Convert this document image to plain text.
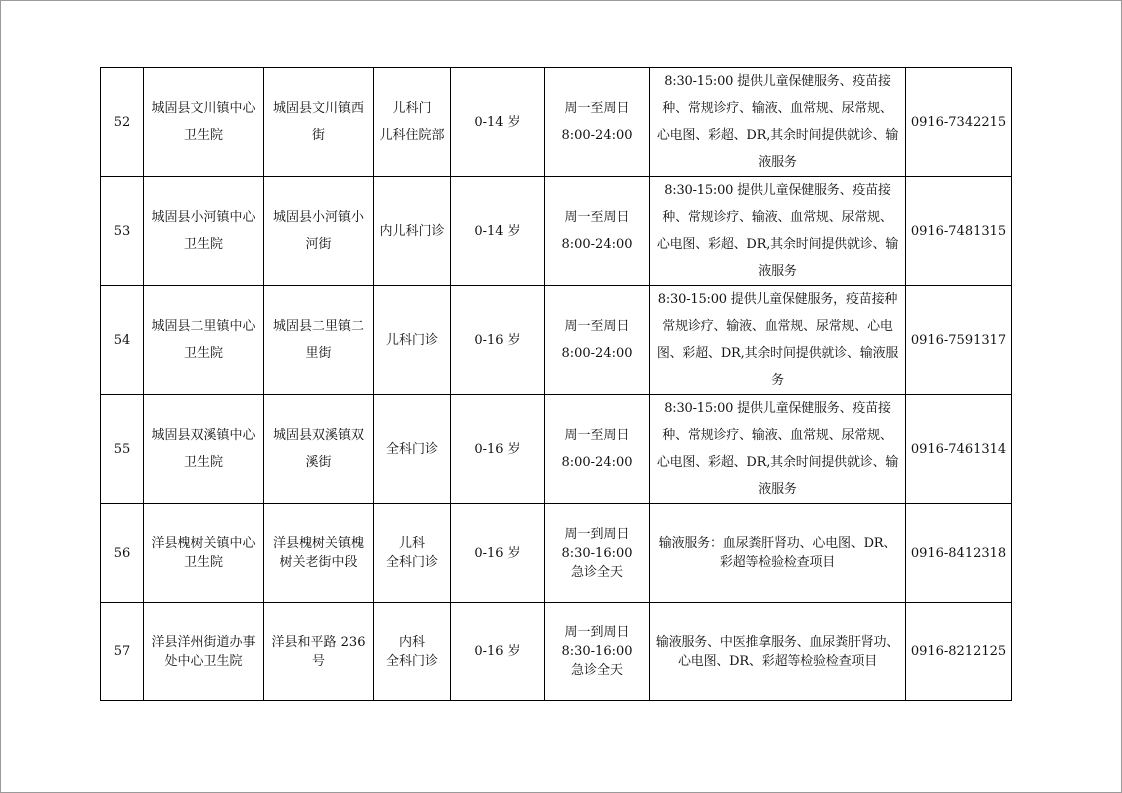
52	城固县文川镇中心
卫生院	城固县文川镇西
街	儿科门
儿科住院部	0-14 岁	周一至周日
8:00-24:00	8:30-15:00 提供儿童保健服务、疫苗接
种、常规诊疗、输液、血常规、尿常规、
心电图、彩超、DR,其余时间提供就诊、输
液服务	0916-7342215
53	城固县小河镇中心
卫生院	城固县小河镇小
河街	内儿科门诊	0-14 岁	周一至周日
8:00-24:00	8:30-15:00 提供儿童保健服务、疫苗接
种、常规诊疗、输液、血常规、尿常规、
心电图、彩超、DR,其余时间提供就诊、输
液服务	0916-7481315
54	城固县二里镇中心
卫生院	城固县二里镇二
里街	儿科门诊	0-16 岁	周一至周日
8:00-24:00	8:30-15:00 提供儿童保健服务，疫苗接种
常规诊疗、输液、血常规、尿常规、心电
图、彩超、DR,其余时间提供就诊、输液服
务	0916-7591317
55	城固县双溪镇中心
卫生院	城固县双溪镇双
溪街	全科门诊	0-16 岁	周一至周日
8:00-24:00	8:30-15:00 提供儿童保健服务、疫苗接
种、常规诊疗、输液、血常规、尿常规、
心电图、彩超、DR,其余时间提供就诊、输
液服务	0916-7461314
56	洋县槐树关镇中心
卫生院	洋县槐树关镇槐
树关老街中段	儿科
全科门诊	0-16 岁	周一到周日
8:30-16:00
急诊全天	输液服务：血尿粪肝肾功、心电图、DR、
彩超等检验检查项目	0916-8412318
57	洋县洋州街道办事
处中心卫生院	洋县和平路 236 号	内科
全科门诊	0-16 岁	周一到周日
8:30-16:00
急诊全天	输液服务、中医推拿服务、血尿粪肝肾功、
心电图、DR、彩超等检验检查项目	0916-8212125
